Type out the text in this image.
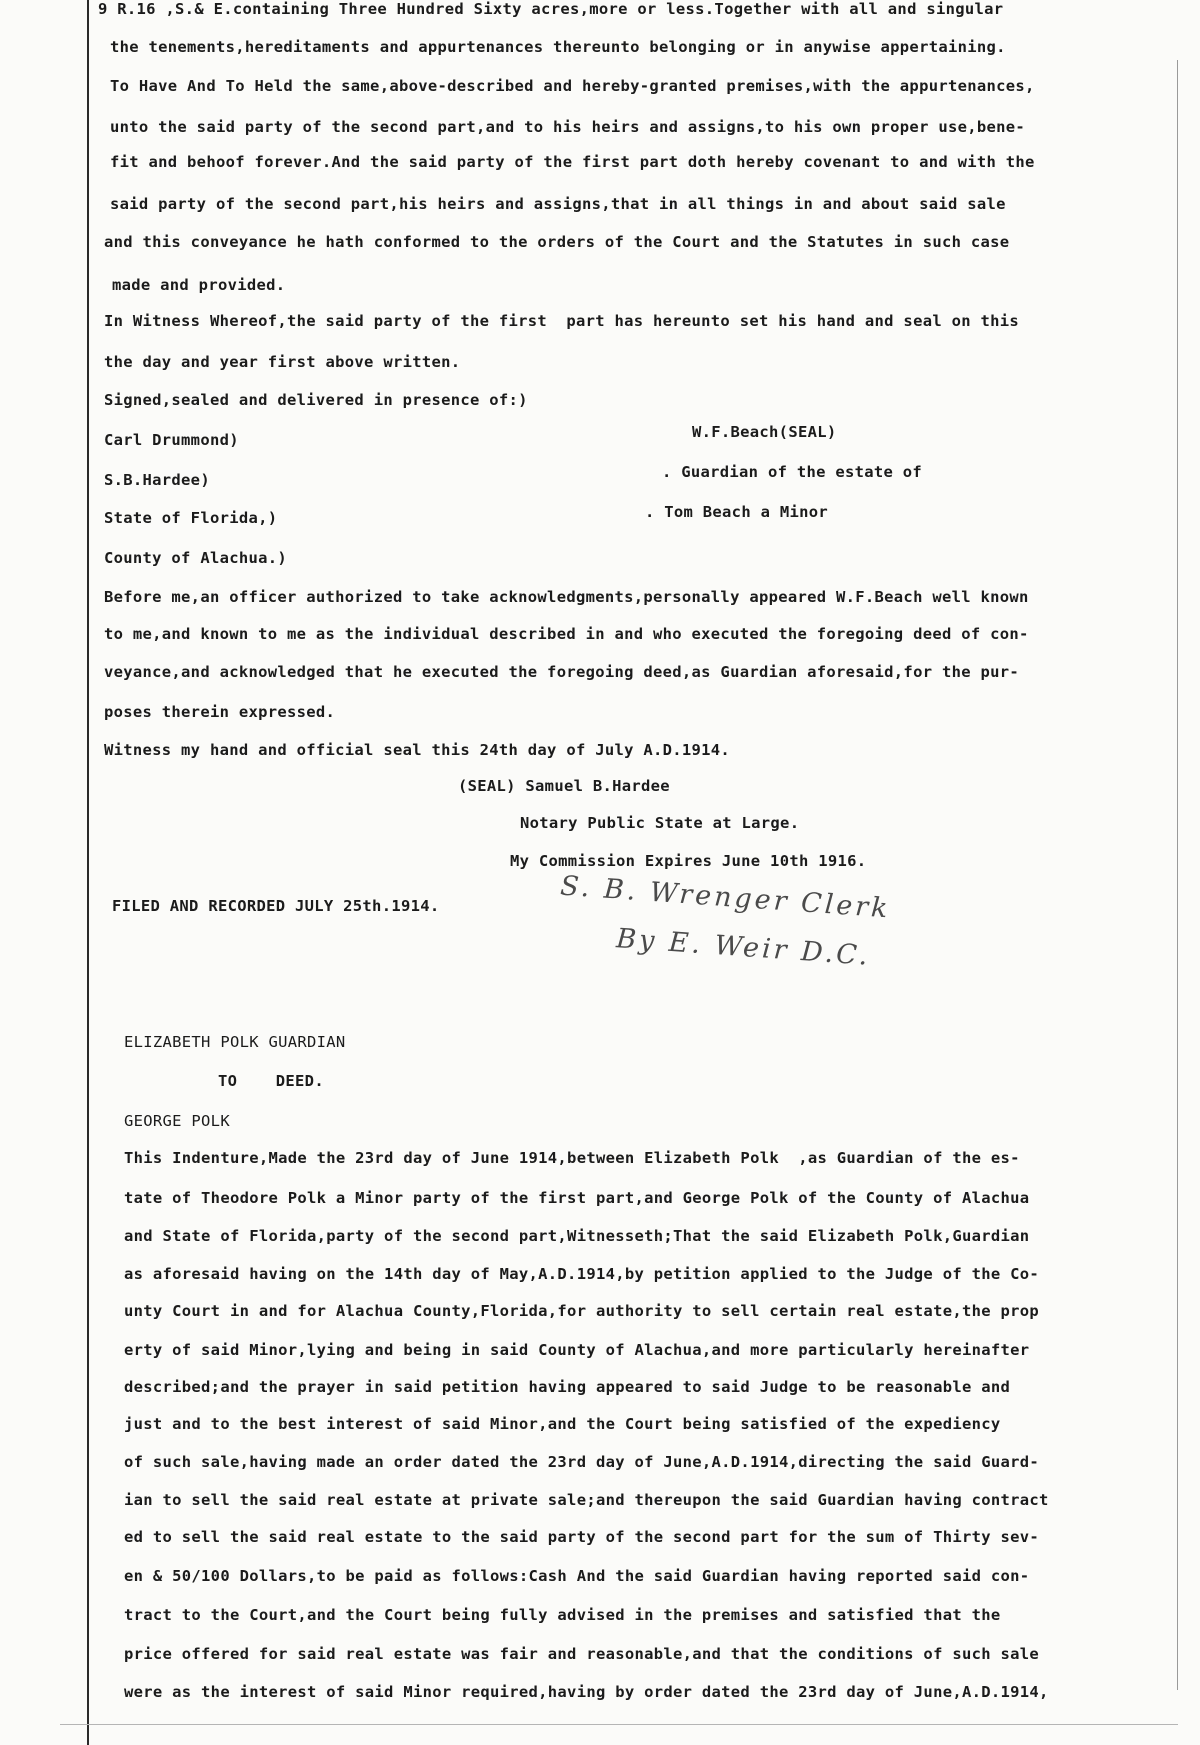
9 R.16 ,S.& E.containing Three Hundred Sixty acres,more or less.Together with all and singular
the tenements,hereditaments and appurtenances thereunto belonging or in anywise appertaining.
To Have And To Held the same,above-described and hereby-granted premises,with the appurtenances,
unto the said party of the second part,and to his heirs and assigns,to his own proper use,bene-
fit and behoof forever.And the said party of the first part doth hereby covenant to and with the
said party of the second part,his heirs and assigns,that in all things in and about said sale
and this conveyance he hath conformed to the orders of the Court and the Statutes in such case
made and provided.
In Witness Whereof,the said party of the first  part has hereunto set his hand and seal on this
the day and year first above written.
Signed,sealed and delivered in presence of:)
Carl Drummond)	W.F.Beach(SEAL)
S.B.Hardee)	. Guardian of the estate of
State of Florida,)	. Tom Beach a Minor
County of Alachua.)
Before me,an officer authorized to take acknowledgments,personally appeared W.F.Beach well known
to me,and known to me as the individual described in and who executed the foregoing deed of con-
veyance,and acknowledged that he executed the foregoing deed,as Guardian aforesaid,for the pur-
poses therein expressed.
Witness my hand and official seal this 24th day of July A.D.1914.
(SEAL) Samuel B.Hardee
Notary Public State at Large.
My Commission Expires June 10th 1916.
FILED AND RECORDED JULY 25th.1914.	S. B. Wrenger Clerk
By E. Weir D.C.
ELIZABETH POLK GUARDIAN
TO    DEED.
GEORGE POLK
This Indenture,Made the 23rd day of June 1914,between Elizabeth Polk  ,as Guardian of the es-
tate of Theodore Polk a Minor party of the first part,and George Polk of the County of Alachua
and State of Florida,party of the second part,Witnesseth;That the said Elizabeth Polk,Guardian
as aforesaid having on the 14th day of May,A.D.1914,by petition applied to the Judge of the Co-
unty Court in and for Alachua County,Florida,for authority to sell certain real estate,the prop
erty of said Minor,lying and being in said County of Alachua,and more particularly hereinafter
described;and the prayer in said petition having appeared to said Judge to be reasonable and
just and to the best interest of said Minor,and the Court being satisfied of the expediency
of such sale,having made an order dated the 23rd day of June,A.D.1914,directing the said Guard-
ian to sell the said real estate at private sale;and thereupon the said Guardian having contract
ed to sell the said real estate to the said party of the second part for the sum of Thirty sev-
en & 50/100 Dollars,to be paid as follows:Cash And the said Guardian having reported said con-
tract to the Court,and the Court being fully advised in the premises and satisfied that the
price offered for said real estate was fair and reasonable,and that the conditions of such sale
were as the interest of said Minor required,having by order dated the 23rd day of June,A.D.1914,
